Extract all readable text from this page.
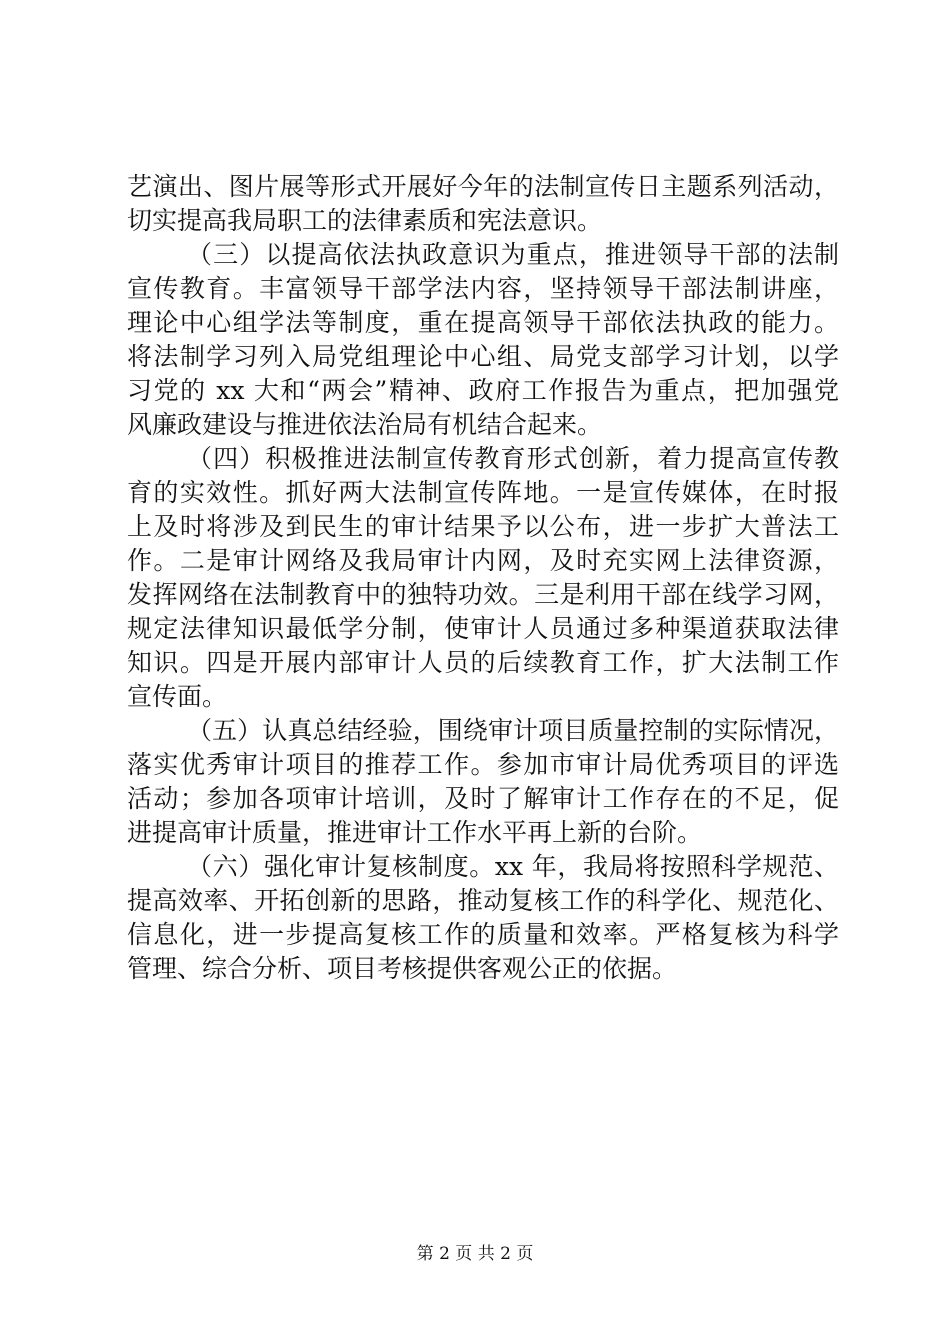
艺演出、图片展等形式开展好今年的法制宣传日主题系列活动，
切实提高我局职工的法律素质和宪法意识。
（三）以提高依法执政意识为重点，推进领导干部的法制
宣传教育。丰富领导干部学法内容，坚持领导干部法制讲座，
理论中心组学法等制度，重在提高领导干部依法执政的能力。
将法制学习列入局党组理论中心组、局党支部学习计划，以学
习党的 xx 大和“两会”精神、政府工作报告为重点，把加强党
风廉政建设与推进依法治局有机结合起来。
（四）积极推进法制宣传教育形式创新，着力提高宣传教
育的实效性。抓好两大法制宣传阵地。一是宣传媒体，在时报
上及时将涉及到民生的审计结果予以公布，进一步扩大普法工
作。二是审计网络及我局审计内网，及时充实网上法律资源，
发挥网络在法制教育中的独特功效。三是利用干部在线学习网，
规定法律知识最低学分制，使审计人员通过多种渠道获取法律
知识。四是开展内部审计人员的后续教育工作，扩大法制工作
宣传面。
（五）认真总结经验，围绕审计项目质量控制的实际情况，
落实优秀审计项目的推荐工作。参加市审计局优秀项目的评选
活动；参加各项审计培训，及时了解审计工作存在的不足，促
进提高审计质量，推进审计工作水平再上新的台阶。
（六）强化审计复核制度。xx 年，我局将按照科学规范、
提高效率、开拓创新的思路，推动复核工作的科学化、规范化、
信息化，进一步提高复核工作的质量和效率。严格复核为科学
管理、综合分析、项目考核提供客观公正的依据。
第 2 页 共 2 页
